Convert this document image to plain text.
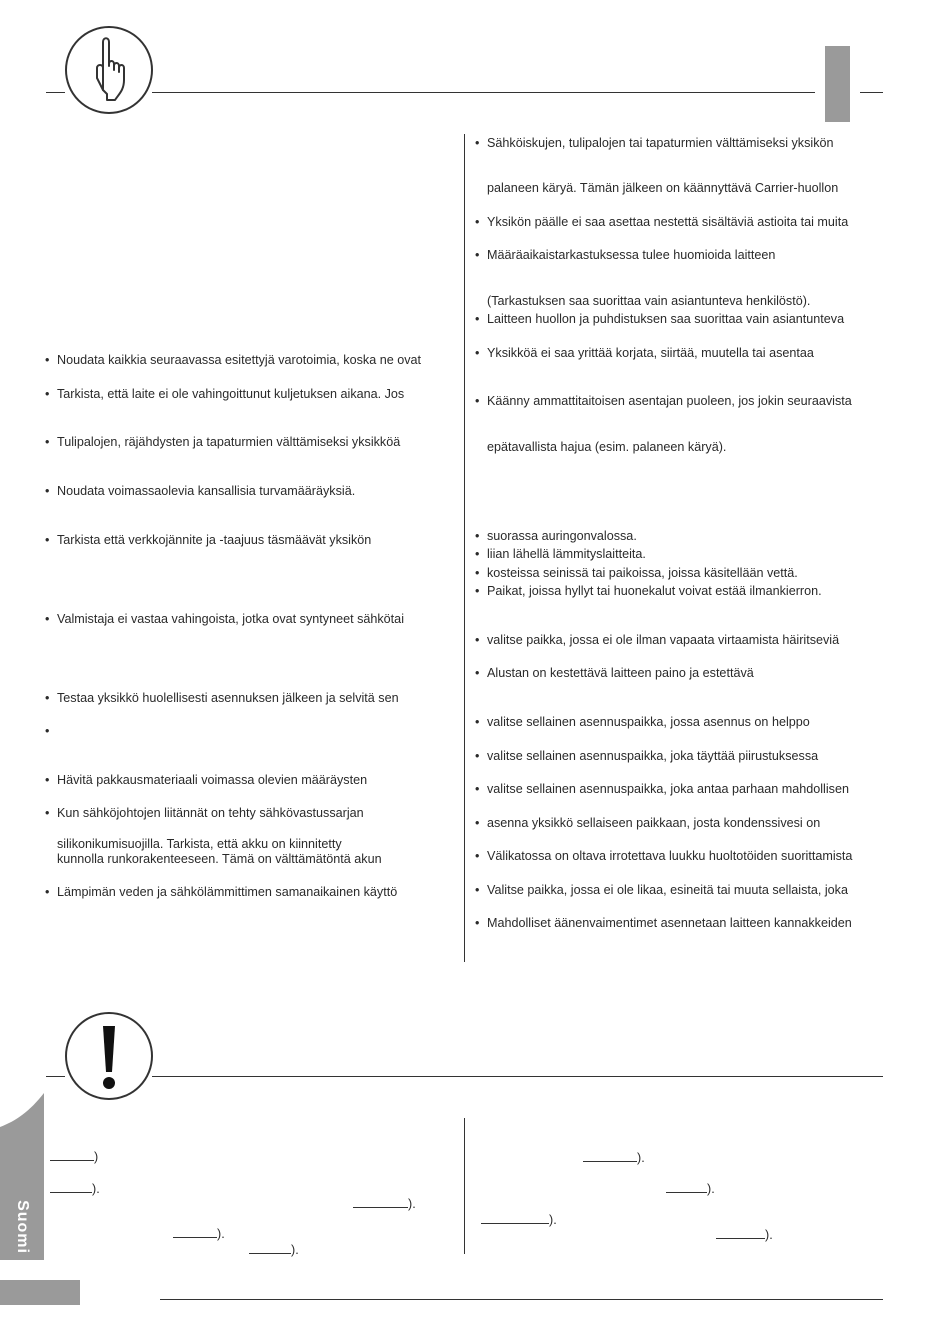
• Noudata kaikkia seuraavassa esitettyjä varotoimia, koska ne ovat
• Tarkista, että laite ei ole vahingoittunut kuljetuksen aikana. Jos
• Tulipalojen, räjähdysten ja tapaturmien välttämiseksi yksikköä
• Noudata voimassaolevia kansallisia turvamääräyksiä.
• Tarkista että verkkojännite ja -taajuus täsmäävät yksikön
• Valmistaja ei vastaa vahingoista, jotka ovat syntyneet sähkötai
• Testaa yksikkö huolellisesti asennuksen jälkeen ja selvitä sen
•
• Hävitä pakkausmateriaali voimassa olevien määräysten
• Kun sähköjohtojen liitännät on tehty sähkövastussarjan
• Lämpimän veden ja sähkölämmittimen samanaikainen käyttö
silikonikumisuojilla. Tarkista, että akku on kiinnitetty
kunnolla runkorakenteeseen. Tämä on välttämätöntä akun
• Sähköiskujen, tulipalojen tai tapaturmien välttämiseksi yksikön
• Yksikön päälle ei saa asettaa nestettä sisältäviä astioita tai muita
• Määräaikaistarkastuksessa tulee huomioida laitteen
• Laitteen huollon ja puhdistuksen saa suorittaa vain asiantunteva
• Yksikköä ei saa yrittää korjata, siirtää, muutella tai asentaa
• Käänny ammattitaitoisen asentajan puoleen, jos jokin seuraavista
• suorassa auringonvalossa.
• liian lähellä lämmityslaitteita.
• kosteissa seinissä tai paikoissa, joissa käsitellään vettä.
• Paikat, joissa hyllyt tai huonekalut voivat estää ilmankierron.
• valitse paikka, jossa ei ole ilman vapaata virtaamista häiritseviä
• Alustan on kestettävä laitteen paino ja estettävä
• valitse sellainen asennuspaikka, jossa asennus on helppo
• valitse sellainen asennuspaikka, joka täyttää piirustuksessa
• valitse sellainen asennuspaikka, joka antaa parhaan mahdollisen
• asenna yksikkö sellaiseen paikkaan, josta kondenssivesi on
• Välikatossa on oltava irrotettava luukku huoltotöiden suorittamista
• Valitse paikka, jossa ei ole likaa, esineitä tai muuta sellaista, joka
• Mahdolliset äänenvaimentimet asennetaan laitteen kannakkeiden
palaneen käryä. Tämän jälkeen on käännyttävä Carrier-huollon
(Tarkastuksen saa suorittaa vain asiantunteva henkilöstö).
epätavallista hajua (esim. palaneen käryä).
)
).
).
).
).
).
).
).
).
Suomi
